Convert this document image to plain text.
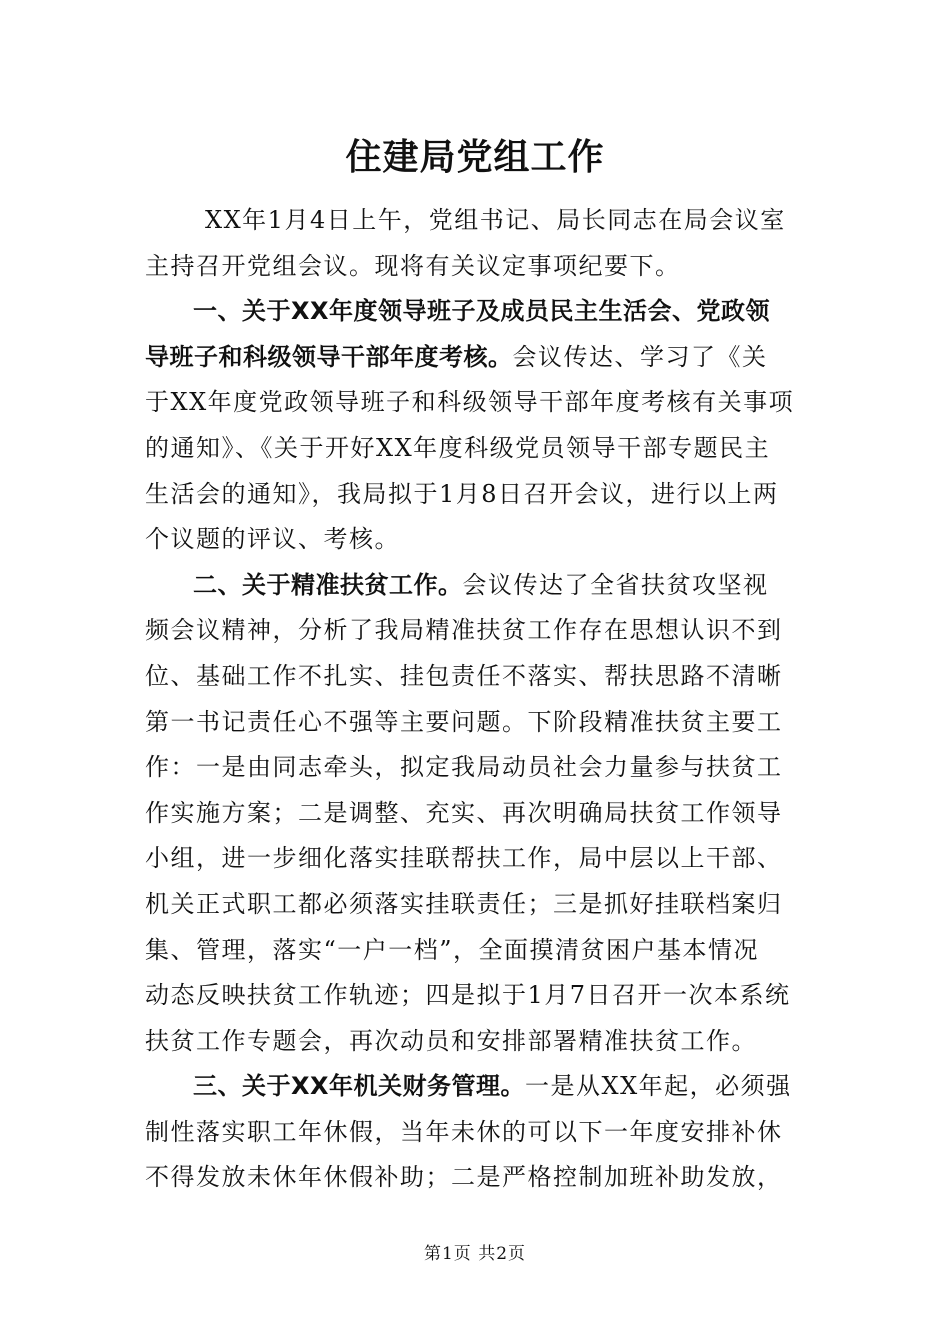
住建局党组工作
XX年1月4日上午，党组书记、局长同志在局会议室
主持召开党组会议。现将有关议定事项纪要下。
一、关于XX年度领导班子及成员民主生活会、党政领
导班子和科级领导干部年度考核。会议传达、学习了《关
于XX年度党政领导班子和科级领导干部年度考核有关事项
的通知》、《关于开好XX年度科级党员领导干部专题民主
生活会的通知》，我局拟于1月8日召开会议，进行以上两
个议题的评议、考核。
二、关于精准扶贫工作。会议传达了全省扶贫攻坚视
频会议精神，分析了我局精准扶贫工作存在思想认识不到
位、基础工作不扎实、挂包责任不落实、帮扶思路不清晰
第一书记责任心不强等主要问题。下阶段精准扶贫主要工
作：一是由同志牵头，拟定我局动员社会力量参与扶贫工
作实施方案；二是调整、充实、再次明确局扶贫工作领导
小组，进一步细化落实挂联帮扶工作，局中层以上干部、
机关正式职工都必须落实挂联责任；三是抓好挂联档案归
集、管理，落实“一户一档”，全面摸清贫困户基本情况
动态反映扶贫工作轨迹；四是拟于1月7日召开一次本系统
扶贫工作专题会，再次动员和安排部署精准扶贫工作。
三、关于XX年机关财务管理。一是从XX年起，必须强
制性落实职工年休假，当年未休的可以下一年度安排补休
不得发放未休年休假补助；二是严格控制加班补助发放，
第1页 共2页
